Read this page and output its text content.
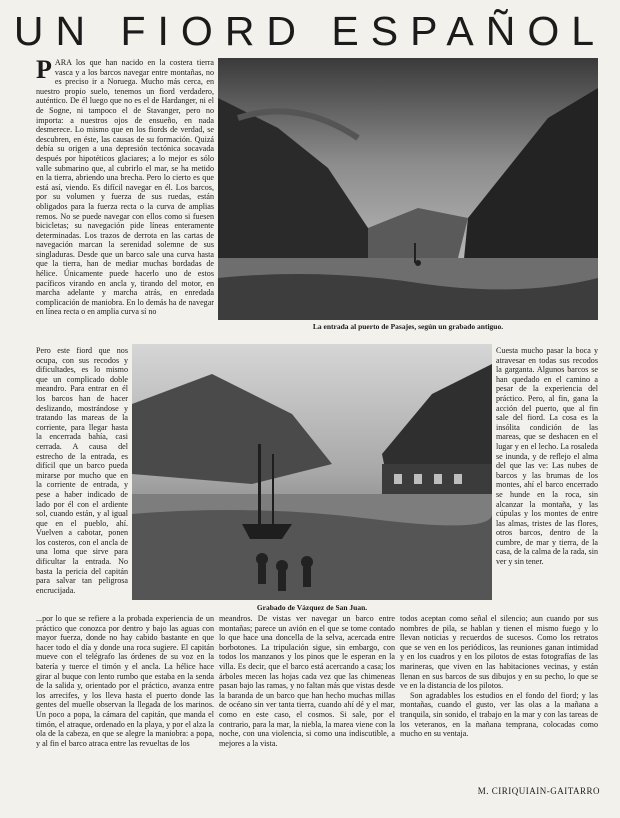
UN FIORD ESPAÑOL
P ARA los que han nacido en la costera tierra vasca y a los barcos navegar entre montañas, no es preciso ir a Noruega. Mucho más cerca, en nuestro propio suelo, tenemos un fiord verdadero, auténtico. De él luego que no es el de Hardanger, ni el de Sogne, ni tampoco el de Stavanger, pero no importa: a nuestros ojos de ensueño, en nada desmerece. Lo mismo que en los fiords de verdad, se descubren, en éste, las causas de su formación. Quizá debía su origen a una depresión tectónica socavada después por hipotéticos glaciares; a lo mejor es sólo valle submarino que, al cubrirlo el mar, se ha metido en la tierra, abriendo una brecha. Pero lo cierto es que está así, viendo. Es difícil navegar en él. Los barcos, por su volumen y fuerza de sus ruedas, están obligados para la fuerza recta o la curva de amplias remos. No se puede navegar con ellos como si fuesen bicicletas; su navegación pide líneas enteramente determinadas. Los trazos de derrota en las cartas de navegación marcan la serenidad solemne de sus singladuras. Desde que un barco sale una curva hasta que la tierra, han de mediar muchas bordadas de hélice. Únicamente puede hacerlo uno de estos pacíficos virando en ancla y, tirando del motor, en marcha adelante y marcha atrás, en enredada complicación de maniobra. En lo demás ha de navegar en línea recta o en amplia curva sí no

Pero este fiord que nos ocupa, con sus recodos y dificultades, es lo mismo que un complicado doble meandro. Para entrar en él los barcos han de hacer deslizando, mostrándose y tratando las mareas de la corriente, para llegar hasta la encerrada bahía, casi cerrada. A causa del estrecho de la entrada, es difícil que un barco pueda mirarse por mucho que en la corriente de entrada, y pese a haber indicado de lado por él con el ardiente sol, cuando están, y al igual que en el pueblo, ahí. Vuelven a cabotar, ponen los costeros, con el ancla de una loma que sirve para dificultar la entrada. No basta la pericia del capitán para salvar tan peligrosa encrucijada.

...por lo que se refiere a la probada experiencia de un práctico que conozca por dentro y bajo las aguas con mayor fuerza, donde no hay cabido bastante en que hacer todo el día y donde una roca sugiere. El capitán mueve con el telégrafo las órdenes de su voz en la batería y tuerce el timón y el ancla. La hélice hace girar al buque con lento rumbo que estaba en la senda de la salida y, orientado por el práctico, avanza entre los arrecifes, y los lleva hasta el puerto donde las gentes del muelle observan la llegada de los marinos. Un poco a popa, la cámara del capitán, que manda el timón, el atraque, ordenado en la playa, y por el alza la ola de la cabeza, en que se alegre la maniobra: a popa, y al fin el barco atraca entre las revueltas de los

meandros. De vistas ver navegar un barco entre montañas; parece un avión en el que se tome contado lo que hace una doncella de la selva, acercada entre borbotones. La tripulación sigue, sin embargo, con todos los manzanos y los pinos que le esperan en la villa. Es decir, que el barco está acercando a casa; los árboles mecen las hojas cada vez que las chimeneas pasan bajo las ramas, y no faltan más que vistas desde la baranda de un barco que han hecho muchas millas de océano sin ver tanta tierra, cuando ahí dé y el mar, como en este caso, el cosmos. Si sale, por el contrario, para la mar, la niebla, la marea viene con la noche, con una violencia, si como una indiscutible, a mejores a la vista.

Cuesta mucho pasar la boca y atravesar en todas sus recodos la garganta. Algunos barcos se han quedado en el camino a pesar de la experiencia del práctico. Pero, al fin, gana la acción del puerto, que al fin sale del fiord. La cosa es la insólita condición de las mareas, que se deshacen en el lugar y en el lecho. La rosaleda se inunda, y de reflejo el alma del que las ve: Las nubes de barcos y las brumas de los montes, ahí el barco encerrado se hunde en la roca, sin alcanzar la montaña, y las cúpulas y los montes de entre las almas, tristes de las flores, otros barcos, dentro de la cumbre, de mar y tierra, de la casa, de la calma de la rada, sin ver y sin tener.

todos aceptan como señal el silencio; aun cuando por sus nombres de pila, se hablan y tienen el mismo fuego y lo llevan noticias y recuerdos de sucesos. Como los retratos que se ven en los periódicos, las reuniones ganan intimidad y en los cuadros y en los pilotos de estas fotografías de las marineras, que viven en las habitaciones vecinas, y están llenan en sus barcos de sus dibujos y en su pecho, lo que se ve en la distancia de los pilotos.

Son agradables los estudios en el fondo del fiord; y las montañas, cuando el gusto, ver las olas a la mañana a tranquila, sin sonido, el trabajo en la mar y con las tareas de los veteranos, en la mañana temprana, colocadas como mucho en su ventaja.

M. CIRIQUIAIN-GAITARRO
La entrada al puerto de Pasajes, según un grabado antiguo.
Grabado de Vázquez de San Juan.
